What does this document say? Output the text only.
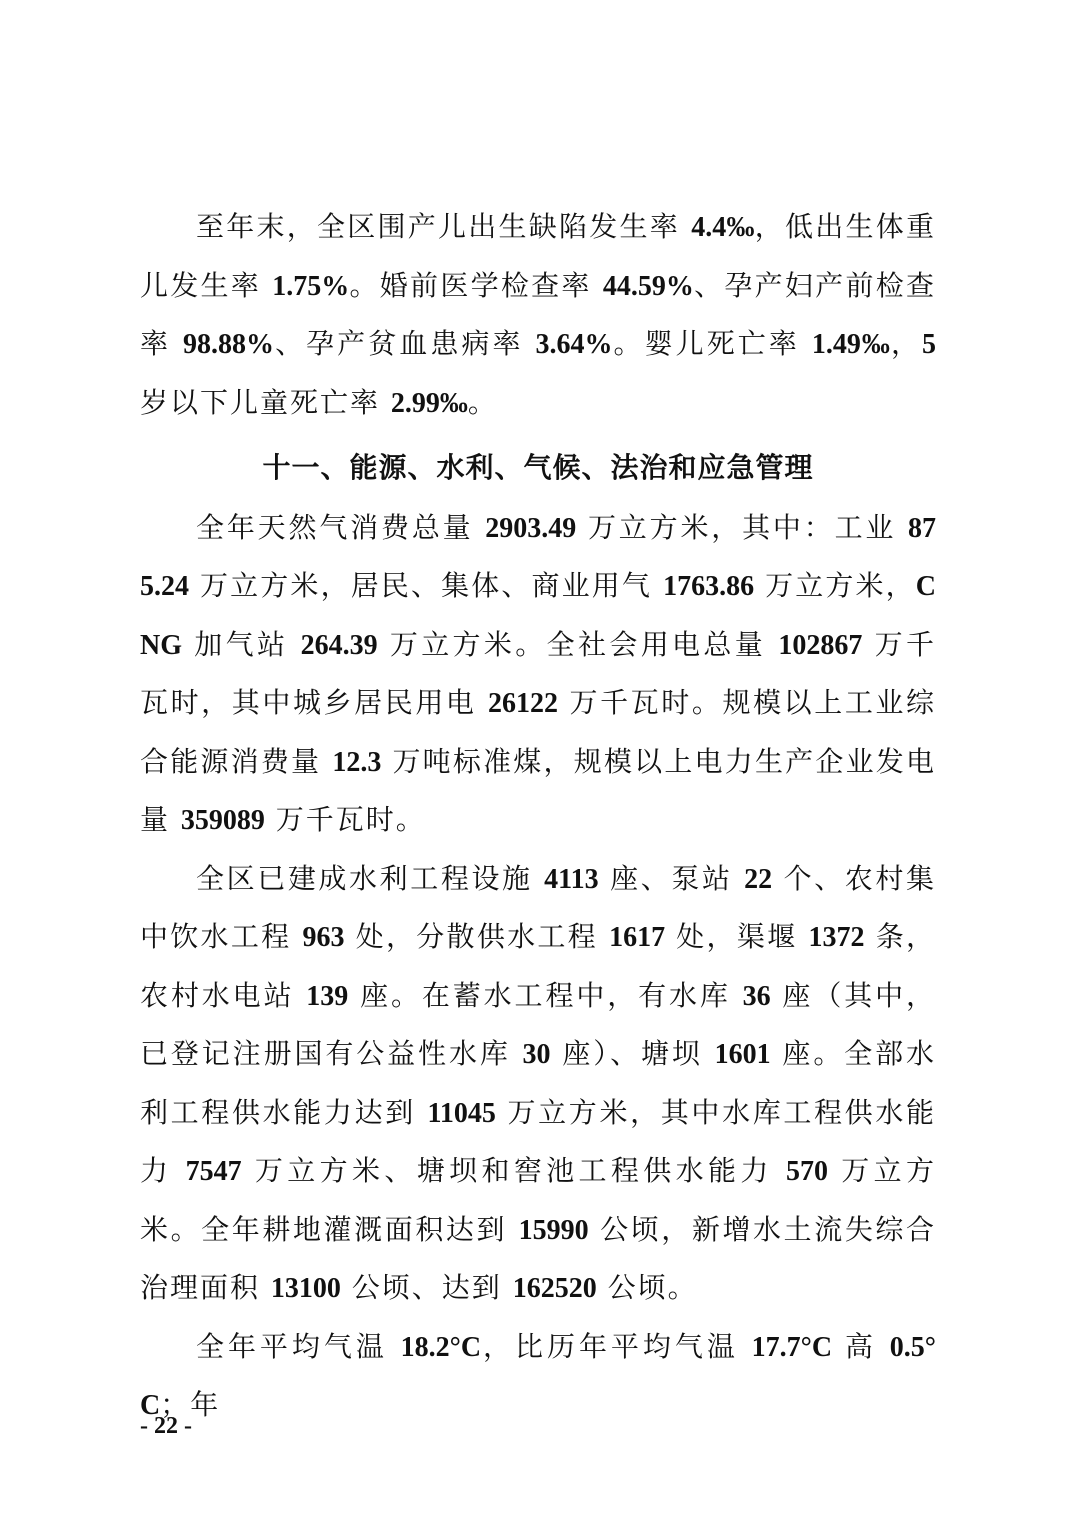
至年末，全区围产儿出生缺陷发生率 4.4‰，低出生体重儿发生率 1.75%。婚前医学检查率 44.59%、孕产妇产前检查率 98.88%、孕产贫血患病率 3.64%。婴儿死亡率 1.49‰，5 岁以下儿童死亡率 2.99‰。

十一、能源、水利、气候、法治和应急管理

全年天然气消费总量 2903.49 万立方米，其中：工业 875.24 万立方米，居民、集体、商业用气 1763.86 万立方米，CNG 加气站 264.39 万立方米。全社会用电总量 102867 万千瓦时，其中城乡居民用电 26122 万千瓦时。规模以上工业综合能源消费量 12.3 万吨标准煤，规模以上电力生产企业发电量 359089 万千瓦时。

全区已建成水利工程设施 4113 座、泵站 22 个、农村集中饮水工程 963 处，分散供水工程 1617 处，渠堰 1372 条，农村水电站 139 座。在蓄水工程中，有水库 36 座（其中，已登记注册国有公益性水库 30 座）、塘坝 1601 座。全部水利工程供水能力达到 11045 万立方米，其中水库工程供水能力 7547 万立方米、塘坝和窖池工程供水能力 570 万立方米。全年耕地灌溉面积达到 15990 公顷，新增水土流失综合治理面积 13100 公顷、达到 162520 公顷。

全年平均气温 18.2°C，比历年平均气温 17.7°C 高 0.5°C；年

- 22 -
